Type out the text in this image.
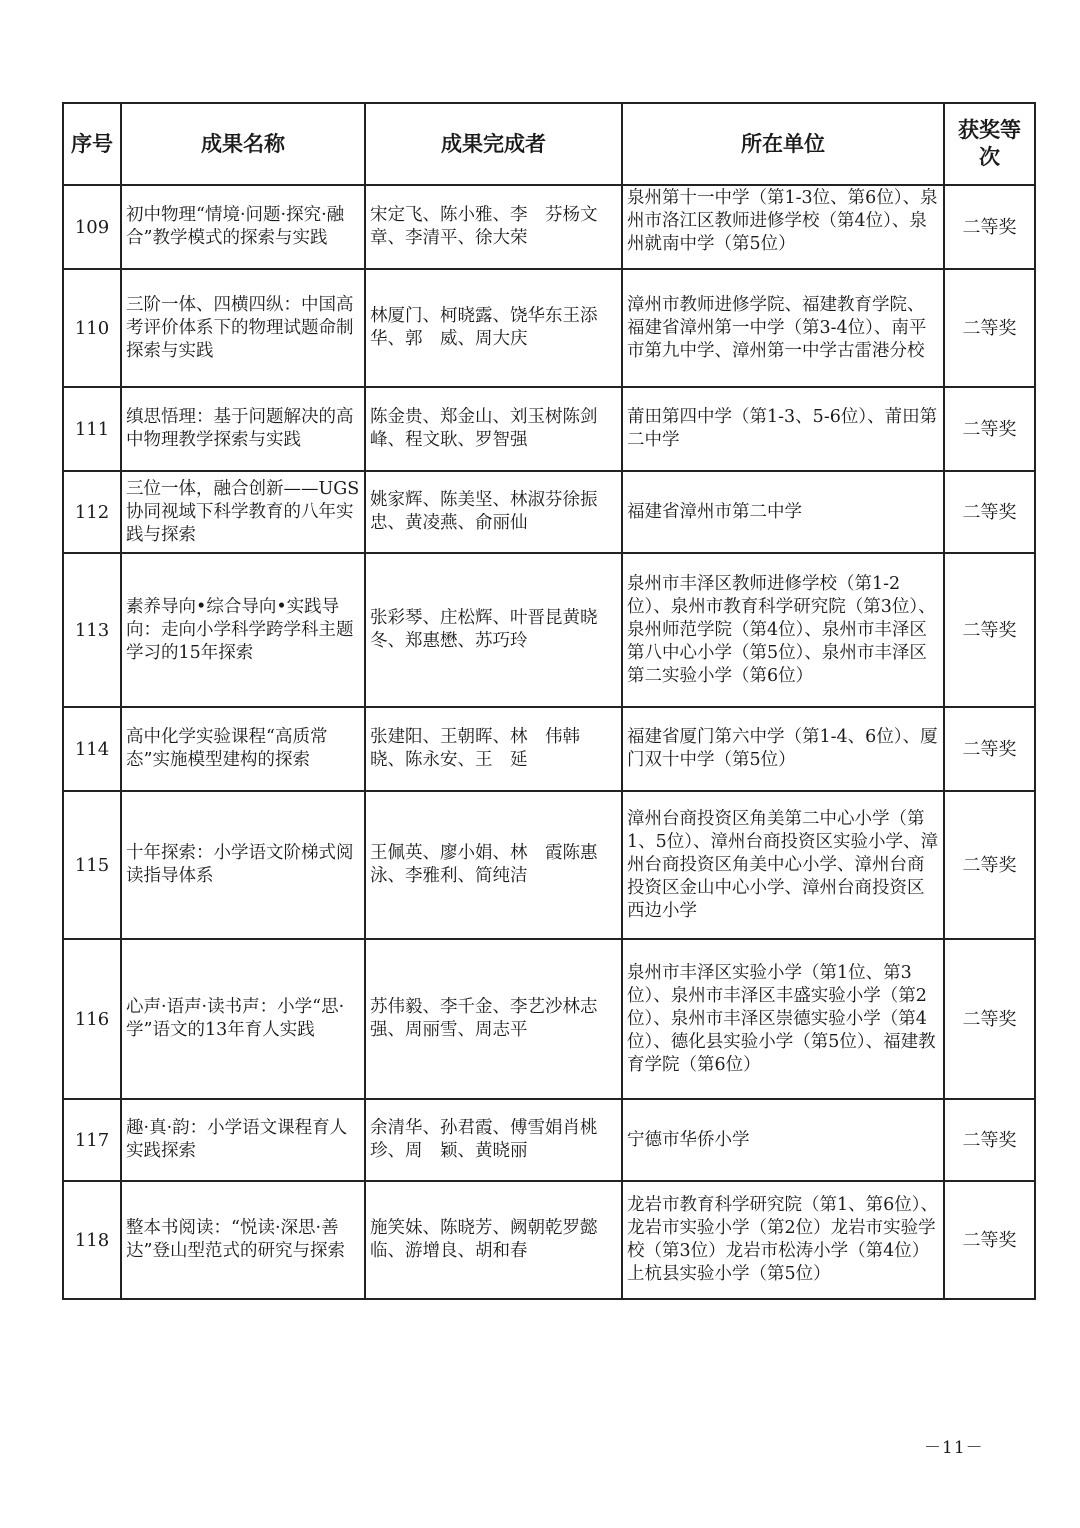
序号	成果名称	成果完成者	所在单位	获奖等次
109	初中物理“情境·问题·探究·融合”教学模式的探索与实践	宋定飞、陈小雅、李　芬杨文章、李清平、徐大荣	泉州第十一中学（第1-3位、第6位）、泉州市洛江区教师进修学校（第4位）、泉州就南中学（第5位）	二等奖
110	三阶一体、四横四纵：中国高考评价体系下的物理试题命制探索与实践	林厦门、柯晓露、饶华东王添华、郭　威、周大庆	漳州市教师进修学院、福建教育学院、福建省漳州第一中学（第3-4位）、南平市第九中学、漳州第一中学古雷港分校	二等奖
111	缜思悟理：基于问题解决的高中物理教学探索与实践	陈金贵、郑金山、刘玉树陈剑峰、程文耿、罗智强	莆田第四中学（第1-3、5-6位）、莆田第二中学	二等奖
112	三位一体，融合创新——UGS协同视域下科学教育的八年实践与探索	姚家辉、陈美坚、林淑芬徐振忠、黄凌燕、俞丽仙	福建省漳州市第二中学	二等奖
113	素养导向•综合导向•实践导向：走向小学科学跨学科主题学习的15年探索	张彩琴、庄松辉、叶晋昆黄晓冬、郑惠懋、苏巧玲	泉州市丰泽区教师进修学校（第1-2位）、泉州市教育科学研究院（第3位）、泉州师范学院（第4位）、泉州市丰泽区第八中心小学（第5位）、泉州市丰泽区第二实验小学（第6位）	二等奖
114	高中化学实验课程“高质常态”实施模型建构的探索	张建阳、王朝晖、林　伟韩　晓、陈永安、王　延	福建省厦门第六中学（第1-4、6位）、厦门双十中学（第5位）	二等奖
115	十年探索：小学语文阶梯式阅读指导体系	王佩英、廖小娟、林　霞陈惠泳、李雅利、简纯洁	漳州台商投资区角美第二中心小学（第1、5位）、漳州台商投资区实验小学、漳州台商投资区角美中心小学、漳州台商投资区金山中心小学、漳州台商投资区西边小学	二等奖
116	心声·语声·读书声：小学“思·学”语文的13年育人实践	苏伟毅、李千金、李艺沙林志强、周丽雪、周志平	泉州市丰泽区实验小学（第1位、第3位）、泉州市丰泽区丰盛实验小学（第2位）、泉州市丰泽区崇德实验小学（第4位）、德化县实验小学（第5位）、福建教育学院（第6位）	二等奖
117	趣·真·韵：小学语文课程育人实践探索	余清华、孙君霞、傅雪娟肖桃珍、周　颖、黄晓丽	宁德市华侨小学	二等奖
118	整本书阅读：“悦读·深思·善达”登山型范式的研究与探索	施笑妹、陈晓芳、阙朝乾罗懿临、游增良、胡和春	龙岩市教育科学研究院（第1、第6位）、龙岩市实验小学（第2位）龙岩市实验学校（第3位）龙岩市松涛小学（第4位）上杭县实验小学（第5位）	二等奖
－11－
